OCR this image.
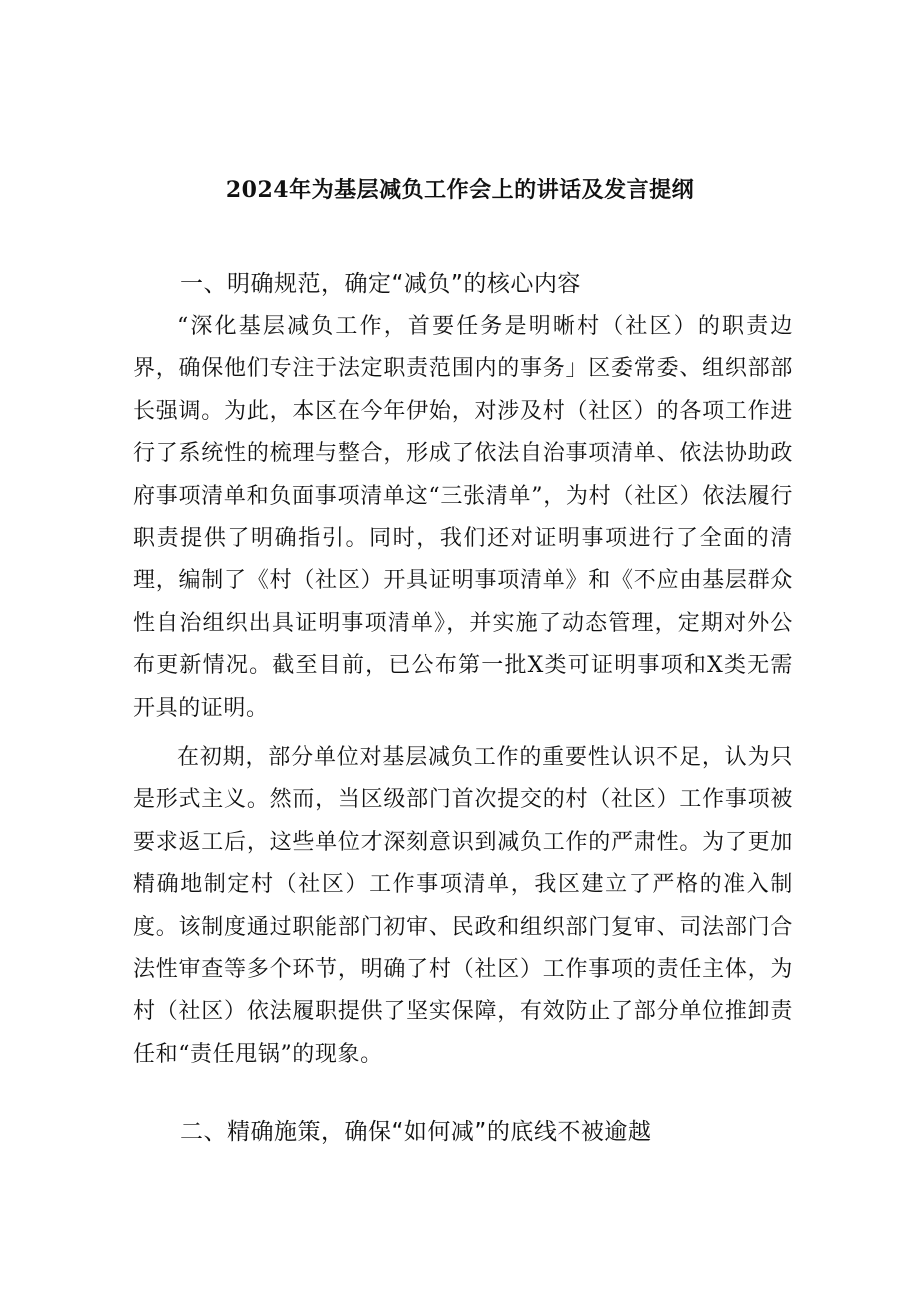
2024年为基层减负工作会上的讲话及发言提纲
一、明确规范，确定“减负”的核心内容
“深化基层减负工作，首要任务是明晰村（社区）的职责边界，确保他们专注于法定职责范围内的事务」区委常委、组织部部长强调。为此，本区在今年伊始，对涉及村（社区）的各项工作进行了系统性的梳理与整合，形成了依法自治事项清单、依法协助政府事项清单和负面事项清单这“三张清单”，为村（社区）依法履行职责提供了明确指引。同时，我们还对证明事项进行了全面的清理，编制了《村（社区）开具证明事项清单》和《不应由基层群众性自治组织出具证明事项清单》，并实施了动态管理，定期对外公布更新情况。截至目前，已公布第一批X类可证明事项和X类无需开具的证明。
在初期，部分单位对基层减负工作的重要性认识不足，认为只是形式主义。然而，当区级部门首次提交的村（社区）工作事项被要求返工后，这些单位才深刻意识到减负工作的严肃性。为了更加精确地制定村（社区）工作事项清单，我区建立了严格的准入制度。该制度通过职能部门初审、民政和组织部门复审、司法部门合法性审查等多个环节，明确了村（社区）工作事项的责任主体，为村（社区）依法履职提供了坚实保障，有效防止了部分单位推卸责任和“责任甩锅”的现象。
二、精确施策，确保“如何减”的底线不被逾越
